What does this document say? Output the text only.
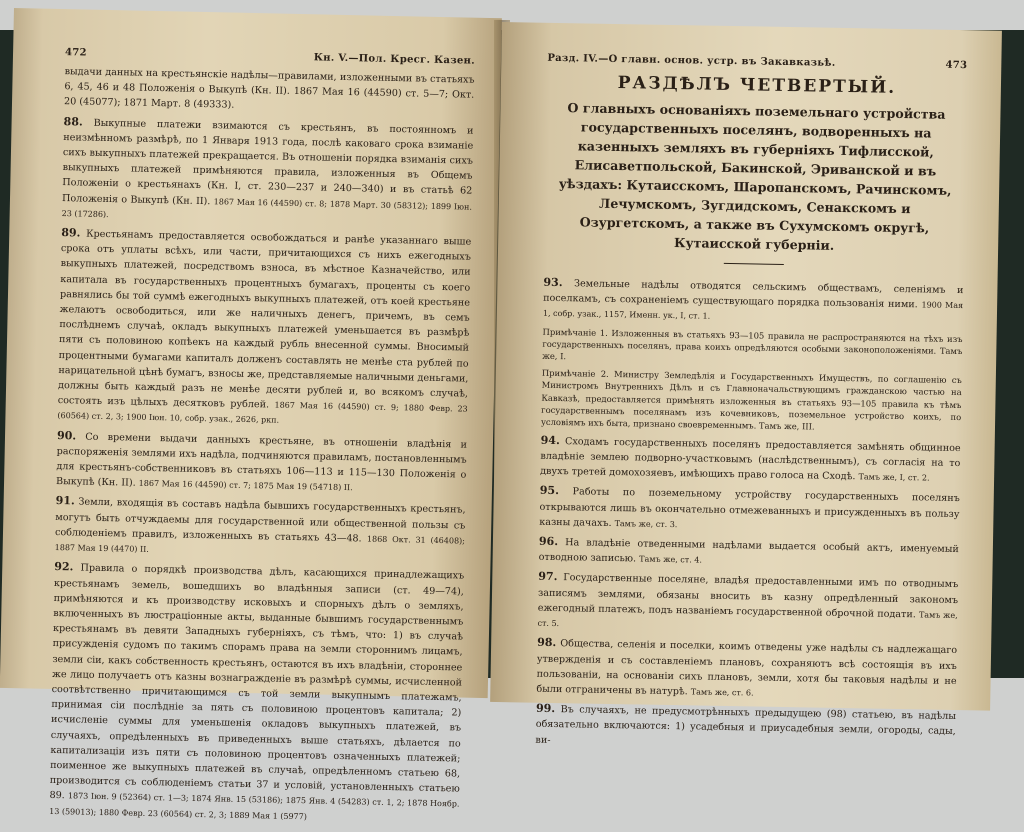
472	Кн. V.—Пол. Кресг. Казен.

выдачи данных на крестьянскіе надѣлы—правилами, изложенными въ статьяхъ 6, 45, 46 и 48 Положенія о Выкупѣ (Кн. II). 1867 Мая 16 (44590) ст. 5—7; Окт. 20 (45077); 1871 Март. 8 (49333).

88. Выкупные платежи взимаются съ крестьянъ, въ постоянномъ и неизмѣнномъ размѣрѣ, по 1 Января 1913 года, послѣ каковаго срока взиманіе сихъ выкупныхъ платежей прекращается. Въ отношеніи порядка взиманія сихъ выкупныхъ платежей примѣняются правила, изложенныя въ Общемъ Положеніи о крестьянахъ (Кн. I, ст. 230—237 и 240—340) и въ статьѣ 62 Положенія о Выкупѣ (Кн. II). 1867 Мая 16 (44590) ст. 8; 1878 Март. 30 (58312); 1899 Іюн. 23 (17286).

89. Крестьянамъ предоставляется освобождаться и ранѣе указаннаго выше срока отъ уплаты всѣхъ, или части, причитающихся съ нихъ ежегодныхъ выкупныхъ платежей, посредствомъ взноса, въ мѣстное Казначейство, или капитала въ государственныхъ процентныхъ бумагахъ, проценты съ коего равнялись бы той суммѣ ежегодныхъ выкупныхъ платежей, отъ коей крестьяне желаютъ освободиться, или же наличныхъ денегъ, причемъ, въ семъ послѣднемъ случаѣ, окладъ выкупныхъ платежей уменьшается въ размѣрѣ пяти съ половиною копѣекъ на каждый рубль внесенной суммы. Вносимый процентными бумагами капиталъ долженъ составлять не менѣе ста рублей по нарицательной цѣнѣ бумагъ, взносы же, представляемые наличными деньгами, должны быть каждый разъ не менѣе десяти рублей и, во всякомъ случаѣ, состоять изъ цѣлыхъ десятковъ рублей. 1867 Мая 16 (44590) ст. 9; 1880 Февр. 23 (60564) ст. 2, 3; 1900 Іюн. 10, собр. узак., 2626, ркп.

90. Со времени выдачи данныхъ крестьяне, въ отношеніи владѣнія и распоряженія землями ихъ надѣла, подчиняются правиламъ, постановленнымъ для крестьянъ-собственниковъ въ статьяхъ 106—113 и 115—130 Положенія о Выкупѣ (Кн. II). 1867 Мая 16 (44590) ст. 7; 1875 Мая 19 (54718) II.

91. Земли, входящія въ составъ надѣла бывшихъ государственныхъ крестьянъ, могутъ быть отчуждаемы для государственной или общественной пользы съ соблюденіемъ правилъ, изложенныхъ въ статьяхъ 43—48. 1868 Окт. 31 (46408); 1887 Мая 19 (4470) II.

92. Правила о порядкѣ производства дѣлъ, касающихся принадлежащихъ крестьянамъ земель, вошедшихъ во владѣнныя записи (ст. 49—74), примѣняются и къ производству исковыхъ и спорныхъ дѣлъ о земляхъ, включенныхъ въ люстраціонные акты, выданные бывшимъ государственнымъ крестьянамъ въ девяти Западныхъ губерніяхъ, съ тѣмъ, что: 1) въ случаѣ присужденія судомъ по такимъ спорамъ права на земли стороннимъ лицамъ, земли сіи, какъ собственность крестьянъ, остаются въ ихъ владѣніи, стороннее же лицо получаетъ отъ казны вознагражденіе въ размѣрѣ суммы, исчисленной соотвѣтственно причитающимся съ той земли выкупнымъ платежамъ, принимая сіи послѣдніе за пять съ половиною процентовъ капитала; 2) исчисленіе суммы для уменьшенія окладовъ выкупныхъ платежей, въ случаяхъ, опредѣленныхъ въ приведенныхъ выше статьяхъ, дѣлается по капитализаціи изъ пяти съ половиною процентовъ означенныхъ платежей; поименное же выкупныхъ платежей въ случаѣ, опредѣленномъ статьею 68, производится съ соблюденіемъ статьи 37 и условій, установленныхъ статьею 89. 1873 Іюн. 9 (52364) ст. 1—3; 1874 Янв. 15 (53186); 1875 Янв. 4 (54283) ст. 1, 2; 1878 Ноябр. 13 (59013); 1880 Февр. 23 (60564) ст. 2, 3; 1889 Мая 1 (5977)

Разд. IV.—О главн. основ. устр. въ Закавказьѣ.	473
РАЗДѢЛЪ ЧЕТВЕРТЫЙ.

О главныхъ основаніяхъ поземельнаго устройства государственныхъ поселянъ, водворенныхъ на казенныхъ земляхъ въ губерніяхъ Тифлисской, Елисаветпольской, Бакинской, Эриванской и въ уѣздахъ: Кутаисскомъ, Шаропанскомъ, Рачинскомъ, Лечумскомъ, Зугдидскомъ, Сенакскомъ и Озургетскомъ, а также въ Сухумскомъ округѣ, Кутаисской губерніи.

93. Земельные надѣлы отводятся сельскимъ обществамъ, селеніямъ и поселкамъ, съ сохраненіемъ существующаго порядка пользованія ними. 1900 Мая 1, собр. узак., 1157, Именн. ук., I, ст. 1.

Примѣчаніе 1. Изложенныя въ статьяхъ 93—105 правила не распространяются на тѣхъ изъ государственныхъ поселянъ, права коихъ опредѣляются особыми законоположеніями. Тамъ же, I.

Примѣчаніе 2. Министру Земледѣлія и Государственныхъ Имуществъ, по соглашенію съ Министромъ Внутреннихъ Дѣлъ и съ Главноначальствующимъ гражданскою частью на Кавказѣ, предоставляется примѣнять изложенныя въ статьяхъ 93—105 правила къ тѣмъ государственнымъ поселянамъ изъ кочевниковъ, поземельное устройство коихъ, по условіямъ ихъ быта, признано своевременнымъ. Тамъ же, III.

94. Сходамъ государственныхъ поселянъ предоставляется замѣнять общинное владѣніе землею подворно-участковымъ (наслѣдственнымъ), съ согласія на то двухъ третей домохозяевъ, имѣющихъ право голоса на Сходѣ. Тамъ же, I, ст. 2.

95. Работы по поземельному устройству государственныхъ поселянъ открываются лишь въ окончательно отмежеванныхъ и присужденныхъ въ пользу казны дачахъ. Тамъ же, ст. 3.

96. На владѣніе отведенными надѣлами выдается особый актъ, именуемый отводною записью. Тамъ же, ст. 4.

97. Государственные поселяне, владѣя предоставленными имъ по отводнымъ записямъ землями, обязаны вносить въ казну опредѣленный закономъ ежегодный платежъ, подъ названіемъ государственной оброчной подати. Тамъ же, ст. 5.

98. Общества, селенія и поселки, коимъ отведены уже надѣлы съ надлежащаго утвержденія и съ составленіемъ плановъ, сохраняютъ всѣ состоящія въ ихъ пользованіи, на основаніи сихъ плановъ, земли, хотя бы таковыя надѣлы и не были отграничены въ натурѣ. Тамъ же, ст. 6.

99. Въ случаяхъ, не предусмотрѣнныхъ предыдущею (98) статьею, въ надѣлы обязательно включаются: 1) усадебныя и приусадебныя земли, огороды, сады, ви-
